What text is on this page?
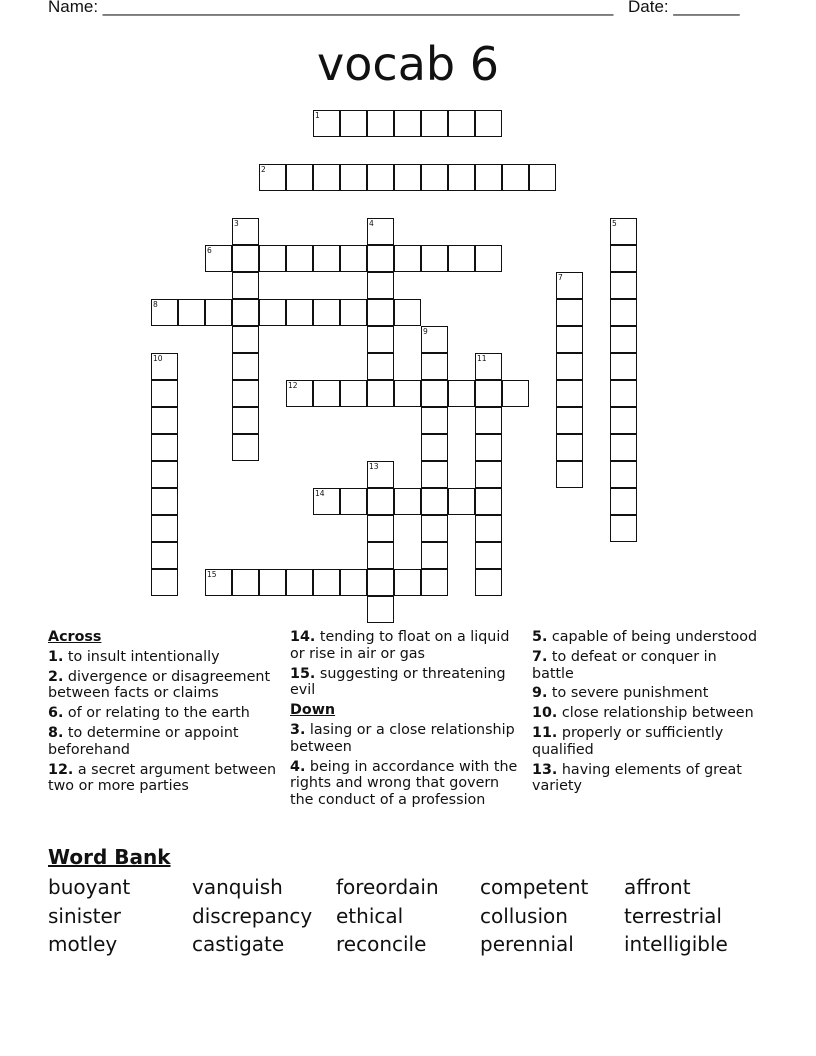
Name: ______________________________________________________ Date: _______
vocab 6
1
2
6
8
12
14
15
3	4	5
7
9
10	11
13
Across
1. to insult intentionally
2. divergence or disagreement between facts or claims
6. of or relating to the earth
8. to determine or appoint beforehand
12. a secret argument between two or more parties
14. tending to float on a liquid or rise in air or gas
15. suggesting or threatening evil
Down
3. lasing or a close relationship between
4. being in accordance with the rights and wrong that govern the conduct of a profession
5. capable of being understood
7. to defeat or conquer in battle
9. to severe punishment
10. close relationship between
11. properly or sufficiently qualified
13. having elements of great variety
Word Bank
buoyant	vanquish	foreordain competent affront
sinister	discrepancy ethical	collusion	terrestrial
motley	castigate	reconcile	perennial	intelligible
